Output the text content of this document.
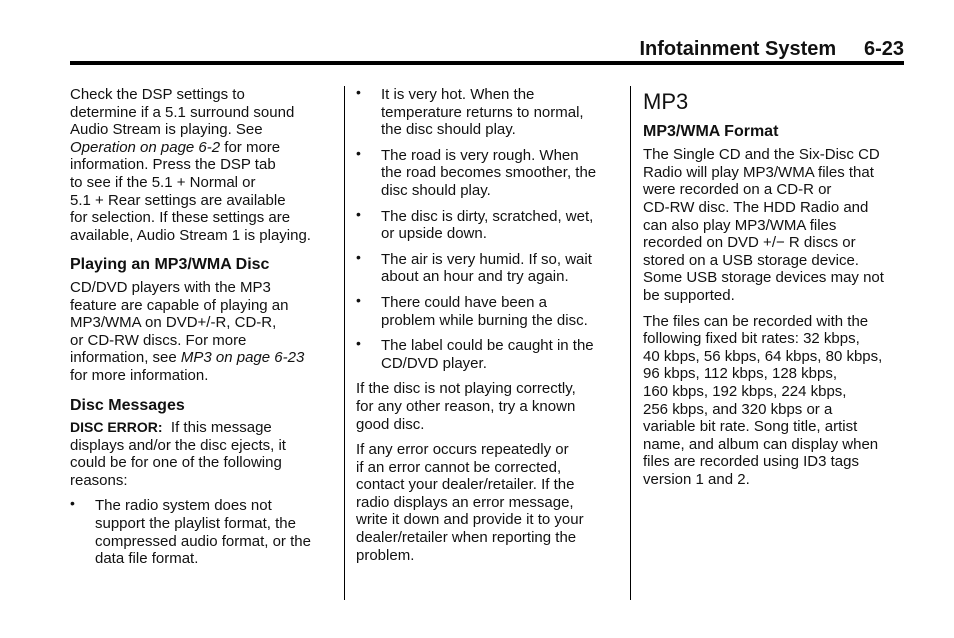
Infotainment System 6-23

Check the DSP settings to
determine if a 5.1 surround sound
Audio Stream is playing. See
Operation on page 6-2 for more
information. Press the DSP tab
to see if the 5.1 + Normal or
5.1 + Rear settings are available
for selection. If these settings are
available, Audio Stream 1 is playing.

Playing an MP3/WMA Disc

CD/DVD players with the MP3
feature are capable of playing an
MP3/WMA on DVD+/-R, CD-R,
or CD-RW discs. For more
information, see MP3 on page 6-23
for more information.

Disc Messages

DISC ERROR:  If this message
displays and/or the disc ejects, it
could be for one of the following
reasons:

• The radio system does not
support the playlist format, the
compressed audio format, or the
data file format.
• It is very hot. When the
temperature returns to normal,
the disc should play.
• The road is very rough. When
the road becomes smoother, the
disc should play.
• The disc is dirty, scratched, wet,
or upside down.
• The air is very humid. If so, wait
about an hour and try again.
• There could have been a
problem while burning the disc.
• The label could be caught in the
CD/DVD player.

If the disc is not playing correctly,
for any other reason, try a known
good disc.

If any error occurs repeatedly or
if an error cannot be corrected,
contact your dealer/retailer. If the
radio displays an error message,
write it down and provide it to your
dealer/retailer when reporting the
problem.

MP3
MP3/WMA Format

The Single CD and the Six-Disc CD
Radio will play MP3/WMA files that
were recorded on a CD-R or
CD-RW disc. The HDD Radio and
can also play MP3/WMA files
recorded on DVD +/− R discs or
stored on a USB storage device.
Some USB storage devices may not
be supported.

The files can be recorded with the
following fixed bit rates: 32 kbps,
40 kbps, 56 kbps, 64 kbps, 80 kbps,
96 kbps, 112 kbps, 128 kbps,
160 kbps, 192 kbps, 224 kbps,
256 kbps, and 320 kbps or a
variable bit rate. Song title, artist
name, and album can display when
files are recorded using ID3 tags
version 1 and 2.
